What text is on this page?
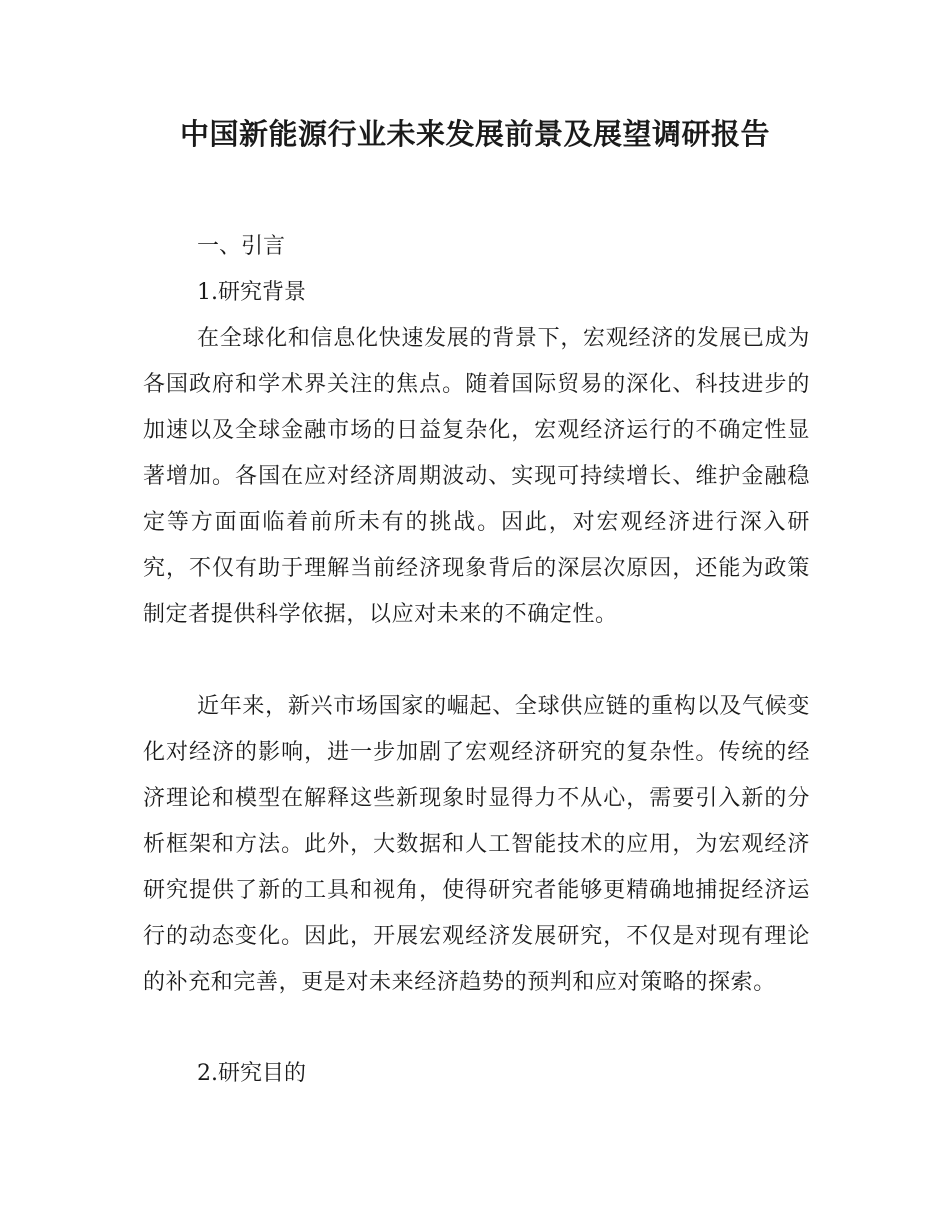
中国新能源行业未来发展前景及展望调研报告
一、引言
1.研究背景

在全球化和信息化快速发展的背景下，宏观经济的发展已成为各国政府和学术界关注的焦点。随着国际贸易的深化、科技进步的加速以及全球金融市场的日益复杂化，宏观经济运行的不确定性显著增加。各国在应对经济周期波动、实现可持续增长、维护金融稳定等方面面临着前所未有的挑战。因此，对宏观经济进行深入研究，不仅有助于理解当前经济现象背后的深层次原因，还能为政策制定者提供科学依据，以应对未来的不确定性。

近年来，新兴市场国家的崛起、全球供应链的重构以及气候变化对经济的影响，进一步加剧了宏观经济研究的复杂性。传统的经济理论和模型在解释这些新现象时显得力不从心，需要引入新的分析框架和方法。此外，大数据和人工智能技术的应用，为宏观经济研究提供了新的工具和视角，使得研究者能够更精确地捕捉经济运行的动态变化。因此，开展宏观经济发展研究，不仅是对现有理论的补充和完善，更是对未来经济趋势的预判和应对策略的探索。

2.研究目的
